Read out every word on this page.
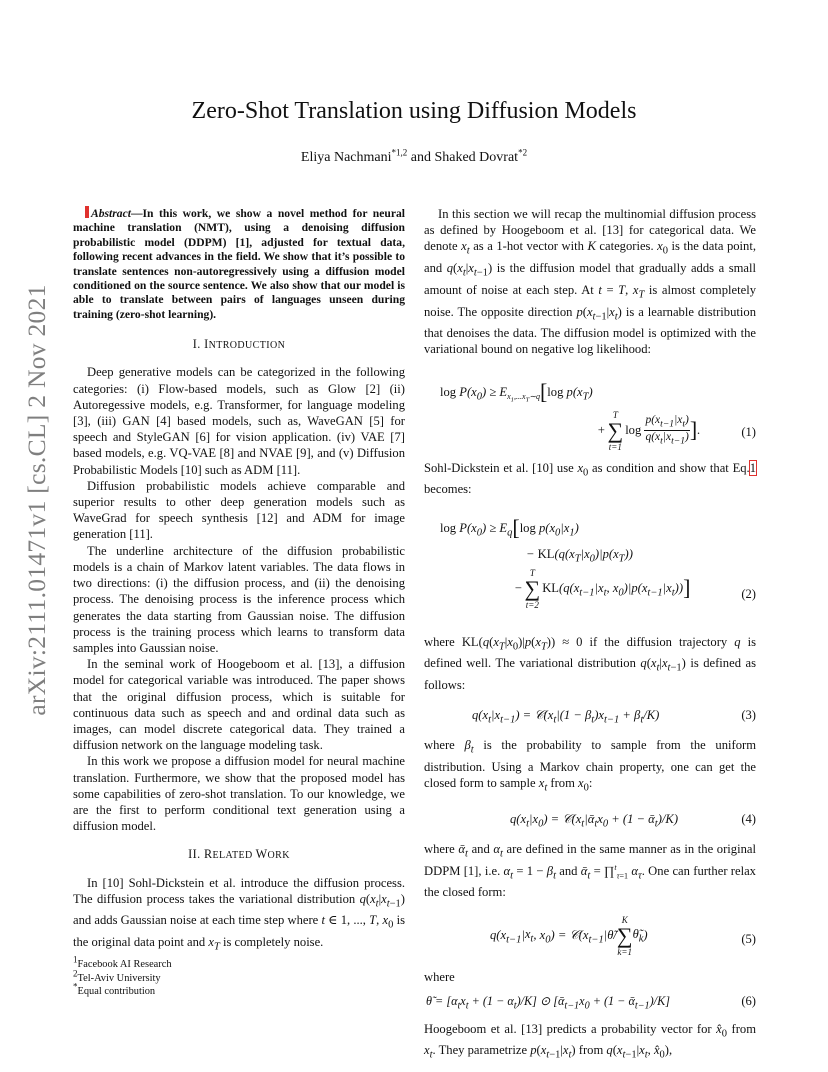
arXiv:2111.01471v1 [cs.CL] 2 Nov 2021
Zero-Shot Translation using Diffusion Models
Eliya Nachmani$^{*1,2}$ and Shaked Dovrat$^{*2}$

Abstract—In this work, we show a novel method for neural machine translation (NMT), using a denoising diffusion probabilistic model (DDPM) [1], adjusted for textual data, following recent advances in the field. We show that it’s possible to translate sentences non-autoregressively using a diffusion model conditioned on the source sentence. We also show that our model is able to translate between pairs of languages unseen during training (zero-shot learning).

I. INTRODUCTION

Deep generative models can be categorized in the following categories: (i) Flow-based models, such as Glow [2] (ii) Autoregessive models, e.g. Transformer, for language modeling [3], (iii) GAN [4] based models, such as, WaveGAN [5] for speech and StyleGAN [6] for vision application. (iv) VAE [7] based models, e.g. VQ-VAE [8] and NVAE [9], and (v) Diffusion Probabilistic Models [10] such as ADM [11].

Diffusion probabilistic models achieve comparable and superior results to other deep generation models such as WaveGrad for speech synthesis [12] and ADM for image generation [11].

The underline architecture of the diffusion probabilistic models is a chain of Markov latent variables. The data flows in two directions: (i) the diffusion process, and (ii) the denoising process. The denoising process is the inference process which generates the data starting from Gaussian noise. The diffusion process is the training process which learns to transform data samples into Gaussian noise.

In the seminal work of Hoogeboom et al. [13], a diffusion model for categorical variable was introduced. The paper shows that the original diffusion process, which is suitable for continuous data such as speech and and ordinal data such as images, can model discrete categorical data. They trained a diffusion network on the language modeling task.

In this work we propose a diffusion model for neural machine translation. Furthermore, we show that the proposed model has some capabilities of zero-shot translation. To our knowledge, we are the first to perform conditional text generation using a diffusion model.

II. RELATED WORK

In [10] Sohl-Dickstein et al. introduce the diffusion process. The diffusion process takes the variational distribution $q(x_t|x_{t-1})$ and adds Gaussian noise at each time step where t ∈ 1, ..., T, $x_0$ is the original data point and $x_T$ is completely noise.

$^1$Facebook AI Research
$^2$Tel-Aviv University
*Equal contribution

In this section we will recap the multinomial diffusion process as defined by Hoogeboom et al. [13] for categorical data. We denote $x_t$ as a 1-hot vector with K categories. $x_0$ is the data point, and $q(x_t|x_{t-1})$ is the diffusion model that gradually adds a small amount of noise at each step. At t = T, $x_T$ is almost completely noise. The opposite direction $p(x_{t-1}|x_t)$ is a learnable distribution that denoises the data. The diffusion model is optimized with the variational bound on negative log likelihood:

$\log P(x_0) \ge E_{x_1,...x_T\sim q}[\log$ $p(x_T)$
+
T
∑
t=1
$\log \frac{p(x_{t-1}|x_t)}{q(x_t|x_{t-1})}$ ].	(1)

Sohl-Dickstein et al. [10] use $x_0$ as condition and show that Eq.1 becomes:

$\log P(x_0) \ge E_q[\log$ $p(x_0|x_1)$
− $KL(q(x_T|x_0)|p(x_T))$
−
T
∑
t=2
$KL(q(x_{t-1}|x_t$, $x_0)|p(x_{t-1}|x_t)$)]	(2)

where $KL(q(x_T|x_0)|p(x_T)) \approx 0$ if the diffusion trajectory q is defined well. The variational distribution $q(x_t|x_{t-1})$ is defined as follows:

$q(x_t|x_{t-1})$ = $𝒞(x_t|(1 - \beta_t)x_{t-1} + \beta_t/K)$	(3)

where $\beta_t$ is the probability to sample from the uniform distribution. Using a Markov chain property, one can get the closed form to sample $x_t$ from $x_0$:

$q(x_t|x_0)$ = $𝒞(x_t|ᾱ_tx_0 + (1$ − ᾱ$_t$)/K)	(4)

where ᾱ$_t$ and $\alpha_t$ are defined in the same manner as in the original DDPM [1], i.e. $\alpha_t = 1 - \beta_t$ and ᾱ$_t$ = ∏$^t_{\tau=1}$ $\alpha_\tau$. One can further relax the closed form:

$q(x_{t-1}|x_t$, $x_0$) = $𝒞(x_{t-1}|\thetã/$
K
∑
k=1
$\thetã_k$)	(5)

where

θ̃ = $[\alpha_tx_t + (1 - \alpha_t)/K]$ ⊙ [$ᾱ_{t-1}x_0 + (1$ − ᾱ$_{t-1}$)/K]	(6)

Hoogeboom et al. [13] predicts a probability vector for $x̂_0$ from $x_t$. They parametrize $p(x_{t-1}|x_t)$ from $q(x_{t-1}|x_t$, $x̂_0$),
